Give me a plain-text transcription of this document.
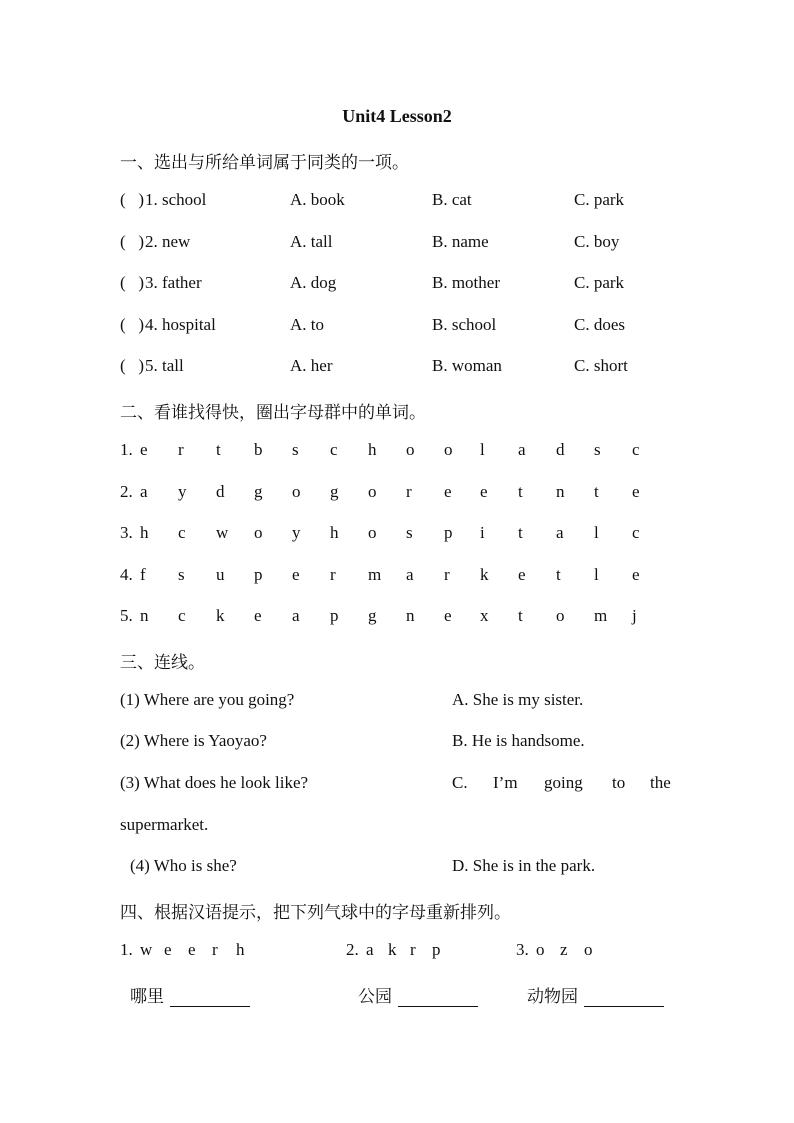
Unit4 Lesson2
一、选出与所给单词属于同类的一项。
(   ) 1. school	A. book	B. cat	C. park
(   ) 2. new	A. tall	B. name	C. boy
(   ) 3. father	A. dog	B. mother	C. park
(   ) 4. hospital	A. to	B. school	C. does
(   ) 5. tall	A. her	B. woman	C. short
二、看谁找得快，圈出字母群中的单词。
1. e r t b s c h o o l a d s c
2. a y d g o g o r e e t n t e
3. h c w o y h o s p i t a l c
4. f s u p e r m a r k e t l e
5. n c k e a p g n e x t o m j
三、连线。
(1) Where are you going?	A. She is my sister.
(2) Where is Yaoyao?	B. He is handsome.
(3) What does he look like?	C. I’m going to the
supermarket.
(4) Who is she?	D. She is in the park.
四、根据汉语提示，把下列气球中的字母重新排列。
1. w e e r h
哪里
2. a k r p
公园
3. o z o
动物园
